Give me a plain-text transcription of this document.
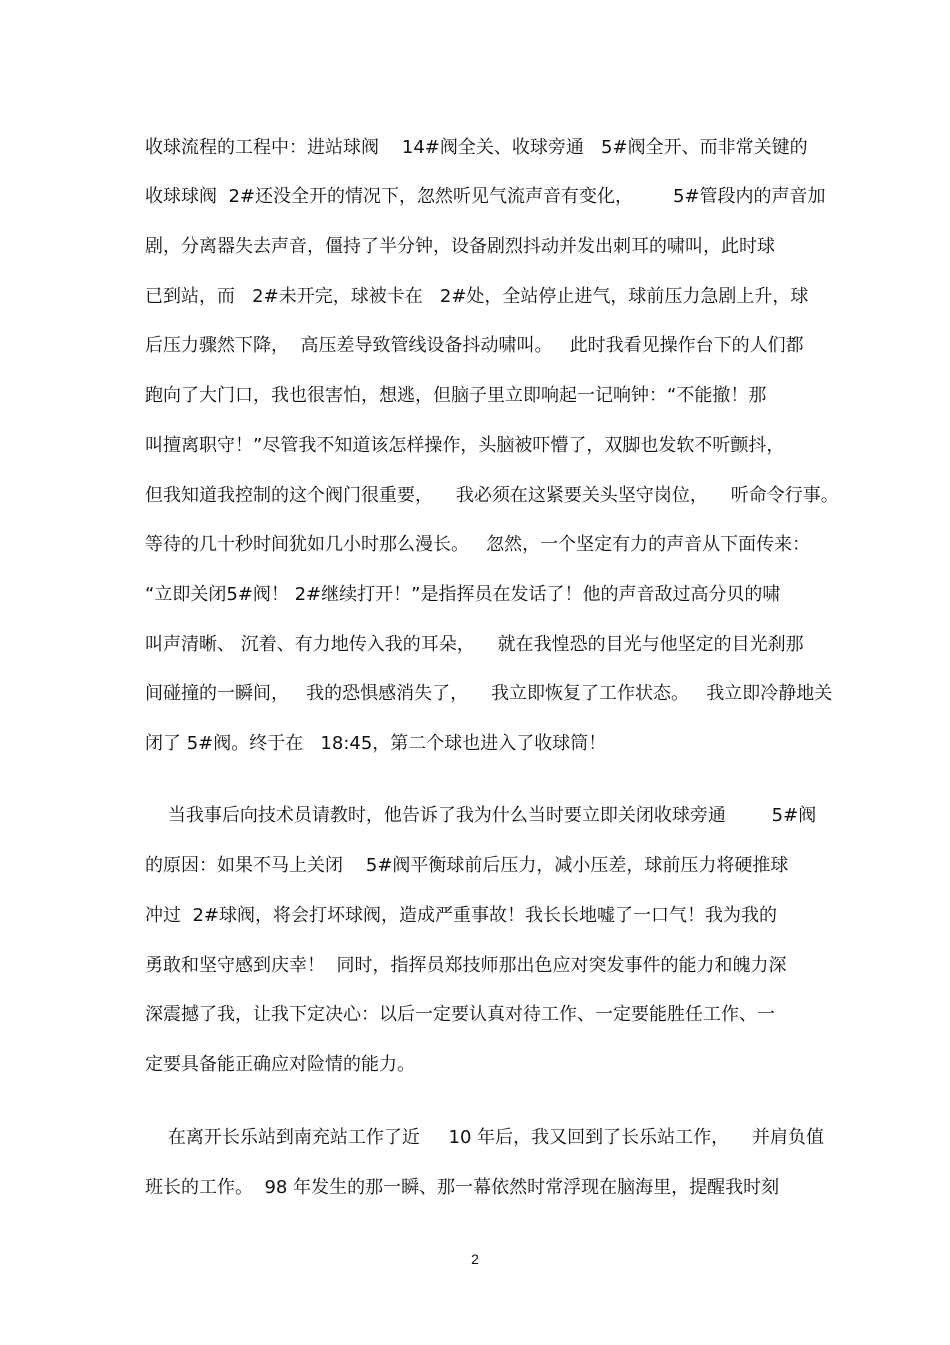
收球流程的工程中：进站球阀    14#阀全关、收球旁通   5#阀全开、而非常关键的
收球球阀  2#还没全开的情况下，忽然听见气流声音有变化，       5#管段内的声音加
剧，分离器失去声音，僵持了半分钟，设备剧烈抖动并发出刺耳的啸叫，此时球
已到站，而   2#未开完，球被卡在   2#处，全站停止进气，球前压力急剧上升，球
后压力骤然下降，  高压差导致管线设备抖动啸叫。   此时我看见操作台下的人们都
跑向了大门口，我也很害怕，想逃，但脑子里立即响起一记响钟：“不能撤！那
叫擅离职守！”尽管我不知道该怎样操作，头脑被吓懵了，双脚也发软不听颤抖，
但我知道我控制的这个阀门很重要，    我必须在这紧要关头坚守岗位，    听命令行事。
等待的几十秒时间犹如几小时那么漫长。   忽然，一个坚定有力的声音从下面传来：
“立即关闭5#阀！ 2#继续打开！”是指挥员在发话了！他的声音敌过高分贝的啸
叫声清晰、 沉着、有力地传入我的耳朵，    就在我惶恐的目光与他坚定的目光刹那
间碰撞的一瞬间，   我的恐惧感消失了，    我立即恢复了工作状态。   我立即冷静地关
闭了 5#阀。终于在   18:45，第二个球也进入了收球筒！
当我事后向技术员请教时，他告诉了我为什么当时要立即关闭收球旁通        5#阀
的原因：如果不马上关闭    5#阀平衡球前后压力，减小压差，球前压力将硬推球
冲过  2#球阀，将会打坏球阀，造成严重事故！我长长地嘘了一口气！我为我的
勇敢和坚守感到庆幸！  同时，指挥员郑技师那出色应对突发事件的能力和魄力深
深震撼了我，让我下定决心：以后一定要认真对待工作、一定要能胜任工作、一
定要具备能正确应对险情的能力。
在离开长乐站到南充站工作了近     10 年后，我又回到了长乐站工作，    并肩负值
班长的工作。  98 年发生的那一瞬、那一幕依然时常浮现在脑海里，提醒我时刻
2
